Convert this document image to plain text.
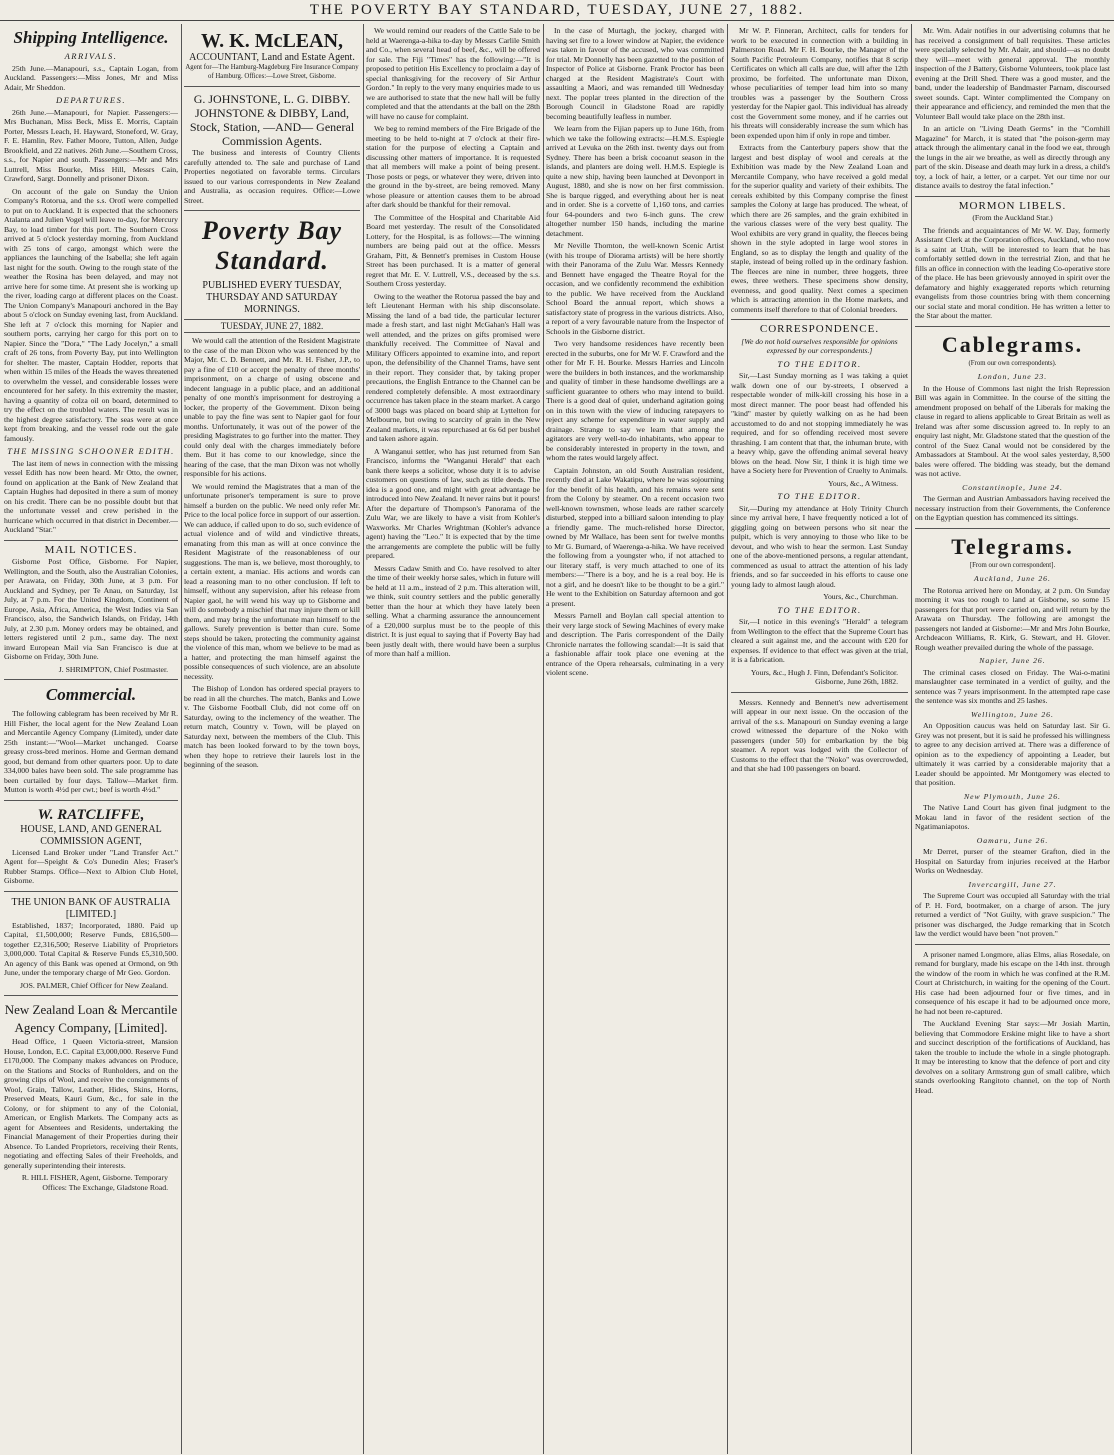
THE POVERTY BAY STANDARD, TUESDAY, JUNE 27, 1882.
Shipping Intelligence.
ARRIVALS.

25th June.—Manapouri, s.s., Captain Logan, from Auckland. Passengers:—Miss Jones, Mr and Miss Adair, Mr Sheddon.

DEPARTURES.

26th June.—Manapouri, for Napier. Passengers:—Mrs Buchanan, Miss Beck, Miss E. Morris, Captain Porter, Messrs Leach, H. Hayward, Stoneford, W. Gray, F. E. Hamlin, Rev. Father Moore, Tutton, Allen, Judge Brookfield, and 22 natives. 26th June.—Southern Cross, s.s., for Napier and south. Passengers:—Mr and Mrs Luttrell, Miss Bourke, Miss Hill, Messrs Cain, Crawford, Sargt. Donnelly and prisoner Dixon.

On account of the gale on Sunday the Union Company's Rotorua, and the s.s. Orotî were compelled to put on to Auckland. It is expected that the schooners Atalanta and Julien Vogel will leave to-day, for Mercury Bay, to load timber for this port. The Southern Cross arrived at 5 o'clock yesterday morning, from Auckland with 25 tons of cargo, amongst which were the appliances the launching of the Isabella; she left again last night for the south. Owing to the rough state of the weather the Rosina has been delayed, and may not arrive here for some time. At present she is working up the river, loading cargo at different places on the Coast. The Union Company's Manapouri anchored in the Bay about 5 o'clock on Sunday evening last, from Auckland. She left at 7 o'clock this morning for Napier and southern ports, carrying her cargo for this port on to Napier. Since the "Dora," "The Lady Jocelyn," a small craft of 26 tons, from Poverty Bay, put into Wellington for shelter. The master, Captain Hodder, reports that when within 15 miles of the Heads the waves threatened to overwhelm the vessel, and considerable losses were encountered for her safety. In this extremity the master, having a quantity of colza oil on board, determined to try the effect on the troubled waters. The result was in the highest degree satisfactory. The seas were at once kept from breaking, and the vessel rode out the gale famously.

THE MISSING SCHOONER EDITH.

The last item of news in connection with the missing vessel Edith has now been heard. Mr Otto, the owner, found on application at the Bank of New Zealand that Captain Hughes had deposited in there a sum of money on his credit. There can be no possible doubt but that the unfortunate vessel and crew perished in the hurricane which occurred in that district in December.—Auckland "Star."

MAIL NOTICES.

Gisborne Post Office, Gisborne. For Napier, Wellington, and the South, also the Australian Colonies, per Arawata, on Friday, 30th June, at 3 p.m. For Auckland and Sydney, per Te Anau, on Saturday, 1st July, at 7 p.m. For the United Kingdom, Continent of Europe, Asia, Africa, America, the West Indies via San Francisco, also, the Sandwich Islands, on Friday, 14th July, at 2.30 p.m. Money orders may be obtained, and letters registered until 2 p.m., same day. The next inward European Mail via San Francisco is due at Gisborne on Friday, 30th June.

J. SHRIMPTON, Chief Postmaster.

Commercial.

The following cablegram has been received by Mr R. Hill Fisher, the local agent for the New Zealand Loan and Mercantile Agency Company (Limited), under date 25th instant:—"Wool—Market unchanged. Coarse greasy cross-bred merinos. Home and German demand good, but demand from other quarters poor. Up to date 334,000 bales have been sold. The sale programme has been curtailed by four days. Tallow—Market firm. Mutton is worth 4½d per cwt.; beef is worth 4½d."

W. RATCLIFFE,
HOUSE, LAND, AND GENERAL COMMISSION AGENT,

Licensed Land Broker under "Land Transfer Act." Agent for—Speight & Co's Dunedin Ales; Fraser's Rubber Stamps. Office—Next to Albion Club Hotel, Gisborne.

THE UNION BANK OF AUSTRALIA [LIMITED.]

Established, 1837; Incorporated, 1880. Paid up Capital, £1,500,000; Reserve Funds, £816,500—together £2,316,500; Reserve Liability of Proprietors 3,000,000. Total Capital & Reserve Funds £5,310,500. An agency of this Bank was opened at Ormond, on 9th June, under the temporary charge of Mr Geo. Gordon.

JOS. PALMER, Chief Officer for New Zealand.

New Zealand Loan & Mercantile Agency Company, [Limited].

Head Office, 1 Queen Victoria-street, Mansion House, London, E.C. Capital £3,000,000. Reserve Fund £170,000. The Company makes advances on Produce, on the Stations and Stocks of Runholders, and on the growing clips of Wool, and receive the consignments of Wool, Grain, Tallow, Leather, Hides, Skins, Horns, Preserved Meats, Kauri Gum, &c., for sale in the Colony, or for shipment to any of the Colonial, American, or English Markets. The Company acts as agent for Absentees and Residents, undertaking the Financial Management of their Properties during their Absence. To Landed Proprietors, receiving their Rents, negotiating and effecting Sales of their Freeholds, and generally superintending their interests.

R. HILL FISHER, Agent, Gisborne. Temporary Offices: The Exchange, Gladstone Road.

W. K. McLEAN,
ACCOUNTANT, Land and Estate Agent.

Agent for—The Hamburg-Magdeburg Fire Insurance Company of Hamburg. Offices:—Lowe Street, Gisborne.

G. JOHNSTONE, L. G. DIBBY. JOHNSTONE & DIBBY, Land, Stock, Station, —AND— General Commission Agents.

The business and interests of Country Clients carefully attended to. The sale and purchase of Land Properties negotiated on favorable terms. Circulars issued to our various correspondents in New Zealand and Australia, as occasion requires. Office:—Lowe Street.

Poverty Bay Standard.
PUBLISHED EVERY TUESDAY, THURSDAY AND SATURDAY MORNINGS.
TUESDAY, JUNE 27, 1882.

We would call the attention of the Resident Magistrate to the case of the man Dixon who was sentenced by the Major, Mr. C. D. Bennett, and Mr. R. H. Fisher, J.P., to pay a fine of £10 or accept the penalty of three months' imprisonment, on a charge of using obscene and indecent language in a public place, and an additional penalty of one month's imprisonment for destroying a locker, the property of the Government. Dixon being unable to pay the fine was sent to Napier gaol for four months. Unfortunately, it was out of the power of the presiding Magistrates to go further into the matter. They could only deal with the charges immediately before them. But it has come to our knowledge, since the hearing of the case, that the man Dixon was not wholly responsible for his actions.

We would remind the Magistrates that a man of the unfortunate prisoner's temperament is sure to prove himself a burden on the public. We need only refer Mr. Price to the local police force in support of our assertion. We can adduce, if called upon to do so, such evidence of actual violence and of wild and vindictive threats, emanating from this man as will at once convince the Resident Magistrate of the reasonableness of our suggestions. The man is, we believe, most thoroughly, to a certain extent, a maniac. His actions and words can lead a reasoning man to no other conclusion. If left to himself, without any supervision, after his release from Napier gaol, he will wend his way up to Gisborne and will do somebody a mischief that may injure them or kill them, and may bring the unfortunate man himself to the gallows. Surely prevention is better than cure. Some steps should be taken, protecting the community against the violence of this man, whom we believe to be mad as a hatter, and protecting the man himself against the possible consequences of such violence, are an absolute necessity.

The Bishop of London has ordered special prayers to be read in all the churches. The match, Banks and Lowe v. The Gisborne Football Club, did not come off on Saturday, owing to the inclemency of the weather. The return match, Country v. Town, will be played on Saturday next, between the members of the Club. This match has been looked forward to by the town boys, when they hope to retrieve their laurels lost in the beginning of the season.

We would remind our readers of the Cattle Sale to be held at Waerenga-a-hika to-day by Messrs Carlile Smith and Co., when several head of beef, &c., will be offered for sale. The Fiji "Times" has the following:—"It is proposed to petition His Excellency to proclaim a day of special thanksgiving for the recovery of Sir Arthur Gordon." In reply to the very many enquiries made to us we are authorised to state that the new hall will be fully completed and that the attendants at the ball on the 28th will have no cause for complaint.

We beg to remind members of the Fire Brigade of the meeting to be held to-night at 7 o'clock at their fire-station for the purpose of electing a Captain and discussing other matters of importance. It is requested that all members will make a point of being present. Those posts or pegs, or whatever they were, driven into the ground in the by-street, are being removed. Many whose pleasure or attention causes them to be abroad after dark should be thankful for their removal.

The Committee of the Hospital and Charitable Aid Board met yesterday. The result of the Consolidated Lottery, for the Hospital, is as follows:—The winning numbers are being paid out at the office. Messrs Graham, Pitt, & Bennett's premises in Custom House Street has been purchased. It is a matter of general regret that Mr. E. V. Luttrell, V.S., deceased by the s.s. Southern Cross yesterday.

Owing to the weather the Rotorua passed the bay and left Lieutenant Herman with his ship disconsolate. Missing the land of a bad tide, the particular lecturer made a fresh start, and last night McGahan's Hall was well attended, and the prizes on gifts promised were thankfully received. The Committee of Naval and Military Officers appointed to examine into, and report upon, the defensibility of the Channel Trams, have sent in their report. They consider that, by taking proper precautions, the English Entrance to the Channel can be rendered completely defensible. A most extraordinary occurrence has taken place in the steam market. A cargo of 3000 bags was placed on board ship at Lyttelton for Melbourne, but owing to scarcity of grain in the New Zealand markets, it was repurchased at 6s 6d per bushel and taken ashore again.

A Wanganui settler, who has just returned from San Francisco, informs the "Wanganui Herald" that each bank there keeps a solicitor, whose duty it is to advise customers on questions of law, such as title deeds. The idea is a good one, and might with great advantage be introduced into New Zealand. It never rains but it pours! After the departure of Thompson's Panorama of the Zulu War, we are likely to have a visit from Kohler's Waxworks. Mr Charles Wrightman (Kohler's advance agent) having the "Leo." It is expected that by the time the arrangements are complete the public will be fully prepared.

Messrs Cadaw Smith and Co. have resolved to alter the time of their weekly horse sales, which in future will be held at 11 a.m., instead of 2 p.m. This alteration will, we think, suit country settlers and the public generally better than the hour at which they have lately been selling. What a charming assurance the announcement of a £20,000 surplus must be to the people of this district. It is just equal to saying that if Poverty Bay had been justly dealt with, there would have been a surplus of more than half a million.

In the case of Murtagh, the jockey, charged with having set fire to a lower window at Napier, the evidence was taken in favour of the accused, who was committed for trial. Mr Donnelly has been gazetted to the position of Inspector of Police at Gisborne. Frank Proctor has been charged at the Resident Magistrate's Court with assaulting a Maori, and was remanded till Wednesday next. The poplar trees planted in the direction of the Borough Council in Gladstone Road are rapidly becoming beautifully leafless in number.

We learn from the Fijian papers up to June 16th, from which we take the following extracts:—H.M.S. Espiegle arrived at Levuka on the 26th inst. twenty days out from Sydney. There has been a brisk cocoanut season in the islands, and planters are doing well. H.M.S. Espiegle is quite a new ship, having been launched at Devonport in August, 1880, and she is now on her first commission. She is barque rigged, and everything about her is neat and in order. She is a corvette of 1,160 tons, and carries four 64-pounders and two 6-inch guns. The crew altogether number 150 hands, including the marine detachment.

Mr Neville Thornton, the well-known Scenic Artist (with his troupe of Diorama artists) will be here shortly with their Panorama of the Zulu War. Messrs Kennedy and Bennett have engaged the Theatre Royal for the occasion, and we confidently recommend the exhibition to the public. We have received from the Auckland School Board the annual report, which shows a satisfactory state of progress in the various districts. Also, a report of a very favourable nature from the Inspector of Schools in the Gisborne district.

Two very handsome residences have recently been erected in the suburbs, one for Mr W. F. Crawford and the other for Mr F. H. Bourke. Messrs Harries and Lincoln were the builders in both instances, and the workmanship and quality of timber in these handsome dwellings are a sufficient guarantee to others who may intend to build. There is a good deal of quiet, underhand agitation going on in this town with the view of inducing ratepayers to reject any scheme for expenditure in water supply and drainage. Strange to say we learn that among the agitators are very well-to-do inhabitants, who appear to be considerably interested in property in the town, and whom the rates would largely affect.

Captain Johnston, an old South Australian resident, recently died at Lake Wakatipu, where he was sojourning for the benefit of his health, and his remains were sent from the Colony by steamer. On a recent occasion two well-known townsmen, whose leads are rather scarcely disturbed, stepped into a billiard saloon intending to play a friendly game. The much-relished horse Director, owned by Mr Wallace, has been sent for twelve months to Mr G. Burnard, of Waerenga-a-hika. We have received the following from a youngster who, if not attached to our literary staff, is very much attached to one of its members:—"There is a boy, and he is a real boy. He is not a girl, and he doesn't like to be thought to be a girl." He went to the Exhibition on Saturday afternoon and got a present.

Messrs Parnell and Boylan call special attention to their very large stock of Sewing Machines of every make and description. The Paris correspondent of the Daily Chronicle narrates the following scandal:—It is said that a fashionable affair took place one evening at the entrance of the Opera rehearsals, culminating in a very violent scene.

Mr W. P. Finneran, Architect, calls for tenders for work to be executed in connection with a building in Palmerston Road. Mr F. H. Bourke, the Manager of the South Pacific Petroleum Company, notifies that 8 scrip Certificates on which all calls are due, will after the 12th proximo, be forfeited. The unfortunate man Dixon, whose peculiarities of temper lead him into so many troubles was a passenger by the Southern Cross yesterday for the Napier gaol. This individual has already cost the Government some money, and if he carries out his threats will considerably increase the sum which has been expended upon him if only in rope and timber.

Extracts from the Canterbury papers show that the largest and best display of wool and cereals at the Exhibition was made by the New Zealand Loan and Mercantile Company, who have received a gold medal for the superior quality and variety of their exhibits. The cereals exhibited by this Company comprise the finest samples the Colony at large has produced. The wheat, of which there are 26 samples, and the grain exhibited in the various classes were of the very best quality. The Wool exhibits are very grand in quality, the fleeces being shown in the style adopted in large wool stores in England, so as to display the length and quality of the staple, instead of being rolled up in the ordinary fashion. The fleeces are nine in number, three hoggets, three ewes, three wethers. These specimens show density, evenness, and good quality. Next comes a specimen which is attracting attention in the Home markets, and comments itself therefore to that of Colonial breeders.

CORRESPONDENCE.

[We do not hold ourselves responsible for opinions expressed by our correspondents.]

TO THE EDITOR.

Sir,—Last Sunday morning as I was taking a quiet walk down one of our by-streets, I observed a respectable wonder of milk-kill crossing his hose in a most direct manner. The poor beast had offended his "kind" master by quietly walking on as he had been accustomed to do and not stopping immediately he was required, and for so offending received most severe thrashing. I am content that that, the inhuman brute, with a heavy whip, gave the offending animal several heavy blows on the head. Now Sir, I think it is high time we have a Society here for Prevention of Cruelty to Animals.

Yours, &c., A Witness.

TO THE EDITOR.

Sir,—During my attendance at Holy Trinity Church since my arrival here, I have frequently noticed a lot of giggling going on between persons who sit near the pulpit, which is very annoying to those who like to be devout, and who wish to hear the sermon. Last Sunday one of the above-mentioned persons, a regular attendant, commenced as usual to attract the attention of his lady friends, and so far succeeded in his efforts to cause one young lady to almost laugh aloud.

Yours, &c., Churchman.

TO THE EDITOR.

Sir,—I notice in this evening's "Herald" a telegram from Wellington to the effect that the Supreme Court has cleared a suit against me, and the account with £20 for expenses. If evidence to that effect was given at the trial, it is a fabrication.

Yours, &c., Hugh J. Finn, Defendant's Solicitor. Gisborne, June 26th, 1882.

Messrs. Kennedy and Bennett's new advertisement will appear in our next issue. On the occasion of the arrival of the s.s. Manapouri on Sunday evening a large crowd witnessed the departure of the Noko with passengers (under 50) for embarkation by the big steamer. A report was lodged with the Collector of Customs to the effect that the "Noko" was overcrowded, and that she had 100 passengers on board.

Mr. Wm. Adair notifies in our advertising columns that he has received a consignment of ball requisites. These articles were specially selected by Mr. Adair, and should—as no doubt they will—meet with general approval. The monthly inspection of the J Battery, Gisborne Volunteers, took place last evening at the Drill Shed. There was a good muster, and the band, under the leadership of Bandmaster Parnam, discoursed sweet sounds. Capt. Winter complimented the Company on their appearance and efficiency, and reminded the men that the Volunteer Ball would take place on the 28th inst.

In an article on "Living Death Germs" in the "Cornhill Magazine" for March, it is stated that "the poison-germ may attack through the alimentary canal in the food we eat, through the lungs in the air we breathe, as well as directly through any part of the skin. Disease and death may lurk in a dress, a child's toy, a lock of hair, a letter, or a carpet. Yet our time nor our distance avails to destroy the fatal infection."

MORMON LIBELS.

(From the Auckland Star.)

The friends and acquaintances of Mr W. W. Day, formerly Assistant Clerk at the Corporation offices, Auckland, who now is a saint at Utah, will be interested to learn that he has comfortably settled down in the terrestrial Zion, and that he fills an office in connection with the leading Co-operative store of the place. He has been grievously annoyed in spirit over the defamatory and highly exaggerated reports which returning evangelists from those countries bring with them concerning our social state and moral condition. He has written a letter to the Star about the matter.

Cablegrams.

(From our own correspondents).

London, June 23.

In the House of Commons last night the Irish Repression Bill was again in Committee. In the course of the sitting the amendment proposed on behalf of the Liberals for making the clause in regard to aliens applicable to Great Britain as well as Ireland was after some discussion agreed to. In reply to an enquiry last night, Mr. Gladstone stated that the question of the control of the Suez Canal would not be considered by the Ambassadors at Stamboul. At the wool sales yesterday, 8,500 bales were offered. The bidding was steady, but the demand was not active.

Constantinople, June 24.

The German and Austrian Ambassadors having received the necessary instruction from their Governments, the Conference on the Egyptian question has commenced its sittings.

Telegrams.

[From our own correspondent].

Auckland, June 26.

The Rotorua arrived here on Monday, at 2 p.m. On Sunday morning it was too rough to land at Gisborne, so some 15 passengers for that port were carried on, and will return by the Arawata on Thursday. The following are amongst the passengers not landed at Gisborne:—Mr and Mrs John Bourke, Archdeacon Williams, R. Kirk, G. Stewart, and H. Glover. Rough weather prevailed during the whole of the passage.

Napier, June 26.

The criminal cases closed on Friday. The Wai-o-matini manslaughter case terminated in a verdict of guilty, and the sentence was 7 years imprisonment. In the attempted rape case the sentence was six months and 25 lashes.

Wellington, June 26.

An Opposition caucus was held on Saturday last. Sir G. Grey was not present, but it is said he professed his willingness to agree to any decision arrived at. There was a difference of opinion as to the expediency of appointing a Leader, but ultimately it was carried by a considerable majority that a Leader should be appointed. Mr Montgomery was elected to that position.

New Plymouth, June 26.

The Native Land Court has given final judgment to the Mokau land in favor of the resident section of the Ngatimaniapotos.

Oamaru, June 26.

Mr Derret, purser of the steamer Grafton, died in the Hospital on Saturday from injuries received at the Harbor Works on Wednesday.

Invercargill, June 27.

The Supreme Court was occupied all Saturday with the trial of P. H. Ford, bootmaker, on a charge of arson. The jury returned a verdict of "Not Guilty, with grave suspicion." The prisoner was discharged, the Judge remarking that in Scotch law the verdict would have been "not proven."

A prisoner named Longmore, alias Elms, alias Rosedale, on remand for burglary, made his escape on the 14th inst. through the window of the room in which he was confined at the R.M. Court at Christchurch, in waiting for the opening of the Court. His case had been adjourned four or five times, and in consequence of his escape it had to be adjourned once more, he had not been re-captured.

The Auckland Evening Star says:—Mr Josiah Martin, believing that Commodore Erskine might like to have a short and succinct description of the fortifications of Auckland, has taken the trouble to include the whole in a single photograph. It may be interesting to know that the defence of port and city devolves on a solitary Armstrong gun of small calibre, which stands overlooking Rangitoto channel, on the top of North Head.
